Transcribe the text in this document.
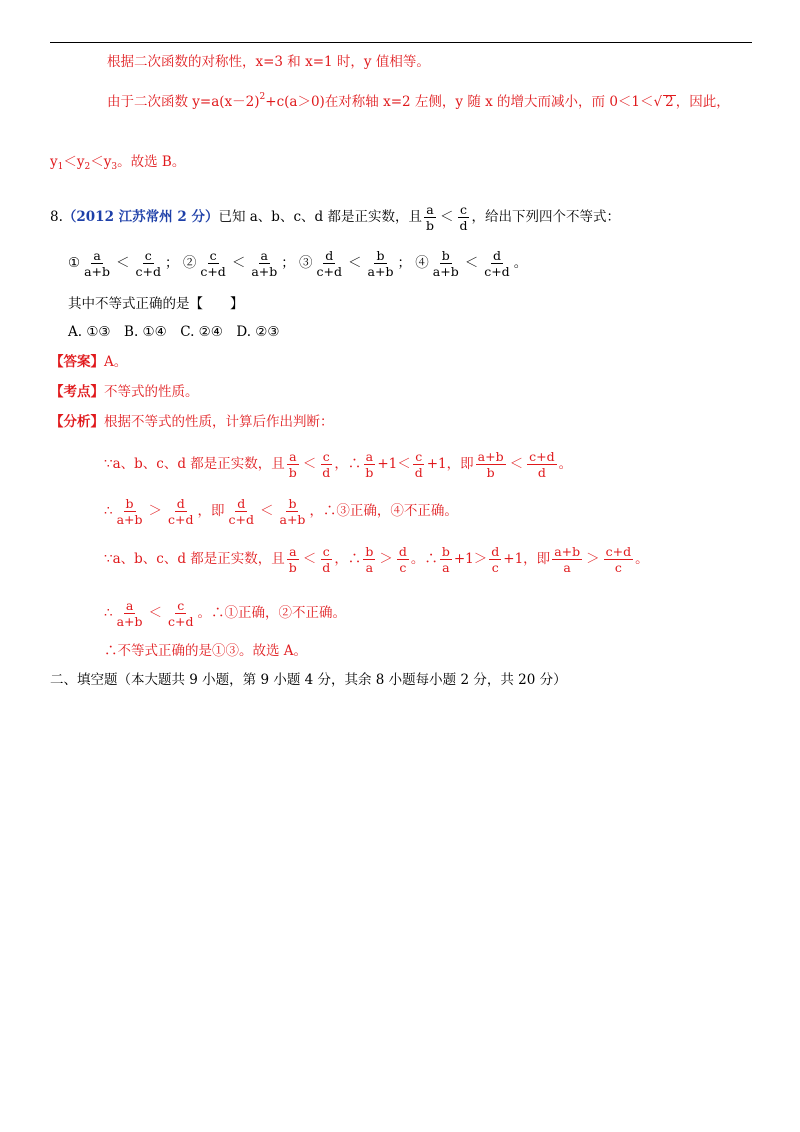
根据二次函数的对称性，x=3 和 x=1 时，y 值相等。
由于二次函数 $y=a(x-2)^2+c(a>0)$在对称轴 x=2 左侧，y 随 x 的增大而减小，而 0＜1＜√ 2 ，因此，
$y_1<y_2<y_3$。故选 B。
8.（2012 江苏常州 2 分）已知 a、b、c、d 都是正实数，且 $\frac{a}{b} < \frac{c}{d}$ ，给出下列四个不等式：
① $\frac{a}{a+b} < \frac{c}{c+d}$ ； ② $\frac{c}{c+d} < \frac{a}{a+b}$ ； ③ $\frac{d}{c+d} < \frac{b}{a+b}$ ； ④ $\frac{b}{a+b} < \frac{d}{c+d}$ 。
其中不等式正确的是【　　】
A. ①③　B. ①④　C. ②④　D. ②③
【答案】A。
【考点】不等式的性质。
【分析】根据不等式的性质，计算后作出判断：
∵a、b、c、d 都是正实数，且 $\frac{a}{b} < \frac{c}{d}$ ，∴ $\frac{a}{b} +1< \frac{c}{d} +1$，即 $\frac{a+b}{b} < \frac{c+d}{d}$ 。
∴ $\frac{b}{a+b} > \frac{d}{c+d}$ ，即 $\frac{d}{c+d} < \frac{b}{a+b}$ ，∴③正确，④不正确。
∵a、b、c、d 都是正实数，且 $\frac{a}{b} < \frac{c}{d}$ ，∴ $\frac{b}{a} > \frac{d}{c}$ 。∴ $\frac{b}{a} +1> \frac{d}{c} +1$，即 $\frac{a+b}{a} > \frac{c+d}{c}$ 。
∴ $\frac{a}{a+b} < \frac{c}{c+d}$ 。∴①正确，②不正确。
∴不等式正确的是①③。故选 A。
二、填空题（本大题共 9 小题，第 9 小题 4 分，其余 8 小题每小题 2 分，共 20 分）
